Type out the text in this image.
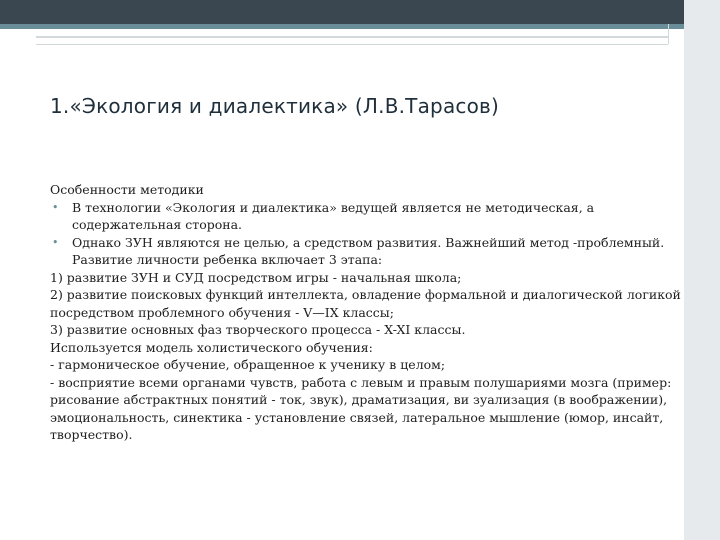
1.«Экология и диалектика» (Л.В.Тарасов)

Особенности методики

• В технологии «Экология и диалектика» ведущей является не методическая, а содержательная сторона.
• Однако ЗУН являются не целью, а средством развития. Важнейший метод -проблемный. Развитие личности ребенка включает 3 этапа:

1) развитие ЗУН и СУД посредством игры - начальная школа;

2) развитие поисковых функций интеллекта, овладение формальной и диалогической логикой посредством проблемного обучения - V—IX классы;

3) развитие основных фаз творческого процесса - X-XI классы.

Используется модель холистического обучения:

- гармоническое обучение, обращенное к ученику в целом;

- восприятие всеми органами чувств, работа с левым и правым полушариями мозга (пример: рисование абстрактных понятий - ток, звук), драматизация, ви зуализация (в воображении), эмоциональность, синектика - установление связей, латеральное мышление (юмор, инсайт, творчество).
